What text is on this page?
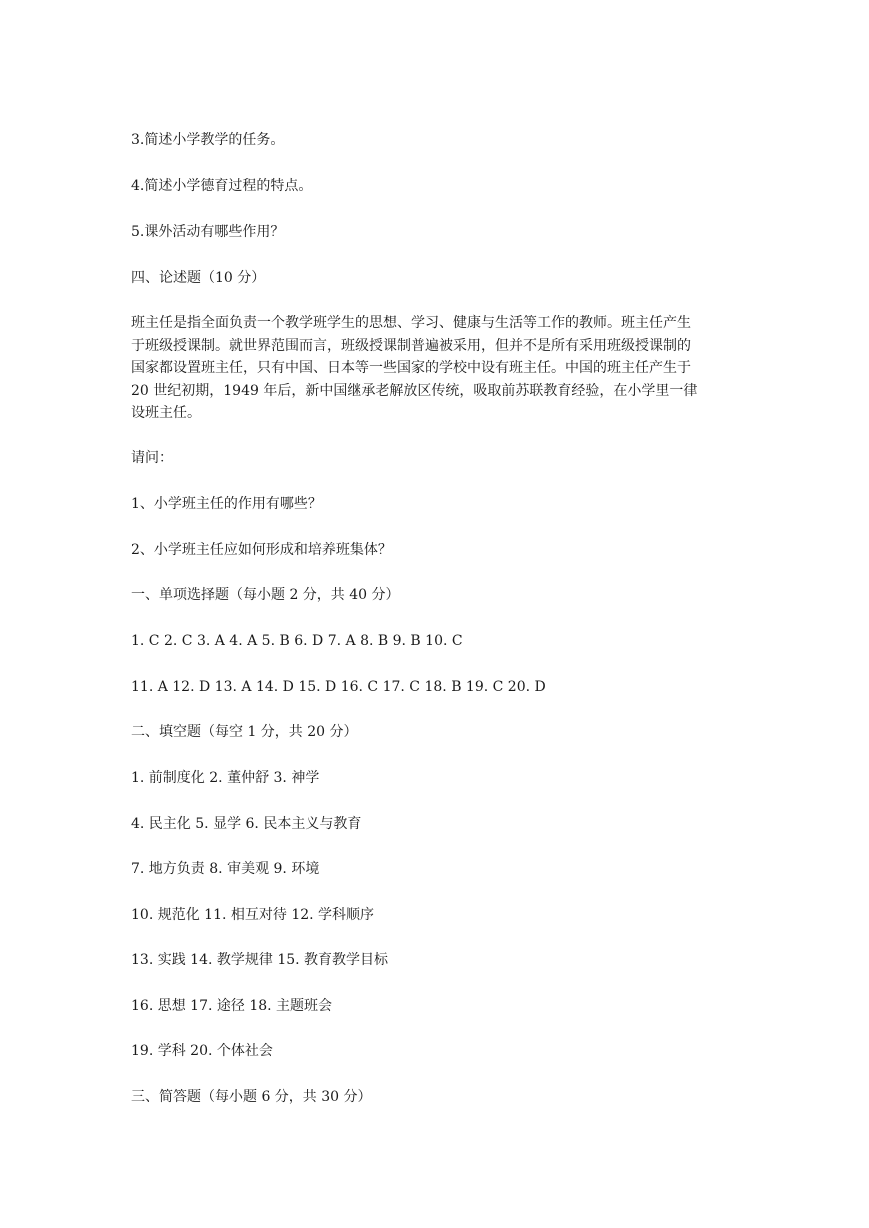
3.简述小学教学的任务。

4.简述小学德育过程的特点。

5.课外活动有哪些作用？

四、论述题（10 分）

班主任是指全面负责一个教学班学生的思想、学习、健康与生活等工作的教师。班主任产生
于班级授课制。就世界范围而言，班级授课制普遍被采用，但并不是所有采用班级授课制的
国家都设置班主任，只有中国、日本等一些国家的学校中设有班主任。中国的班主任产生于
20 世纪初期，1949 年后，新中国继承老解放区传统，吸取前苏联教育经验，在小学里一律
设班主任。

请问：

1、小学班主任的作用有哪些？

2、小学班主任应如何形成和培养班集体？

一、单项选择题（每小题 2 分，共 40 分）

1. C 2. C 3. A 4. A 5. B 6. D 7. A 8. B 9. B 10. C

11. A 12. D 13. A 14. D 15. D 16. C 17. C 18. B 19. C 20. D

二、填空题（每空 1 分，共 20 分）

1. 前制度化 2. 董仲舒 3. 神学

4. 民主化 5. 显学 6. 民本主义与教育

7. 地方负责 8. 审美观 9. 环境

10. 规范化 11. 相互对待 12. 学科顺序

13. 实践 14. 教学规律 15. 教育教学目标

16. 思想 17. 途径 18. 主题班会

19. 学科 20. 个体社会

三、简答题（每小题 6 分，共 30 分）
